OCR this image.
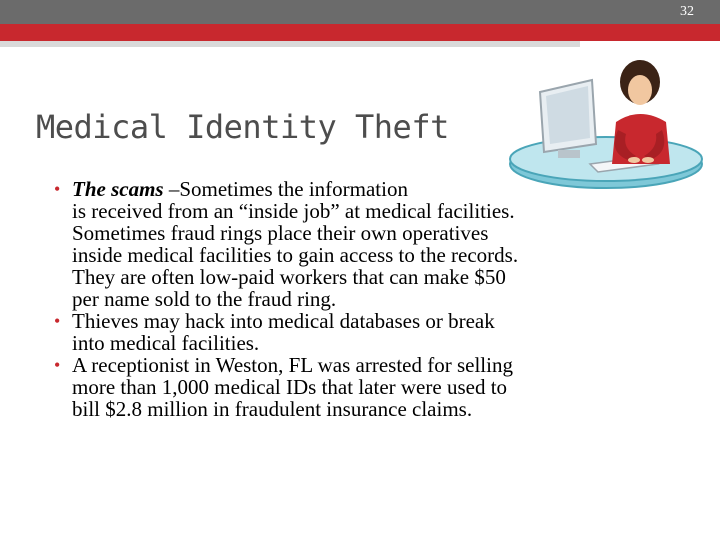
32
Medical Identity Theft
• The scams –Sometimes the information
is received from an “inside job” at medical facilities.
Sometimes fraud rings place their own operatives
inside medical facilities to gain access to the records.
They are often low-paid workers that can make $50
per name sold to the fraud ring.
• Thieves may hack into medical databases or break
into medical facilities.
• A receptionist in Weston, FL was arrested for selling
more than 1,000 medical IDs that later were used to
bill $2.8 million in fraudulent insurance claims.
